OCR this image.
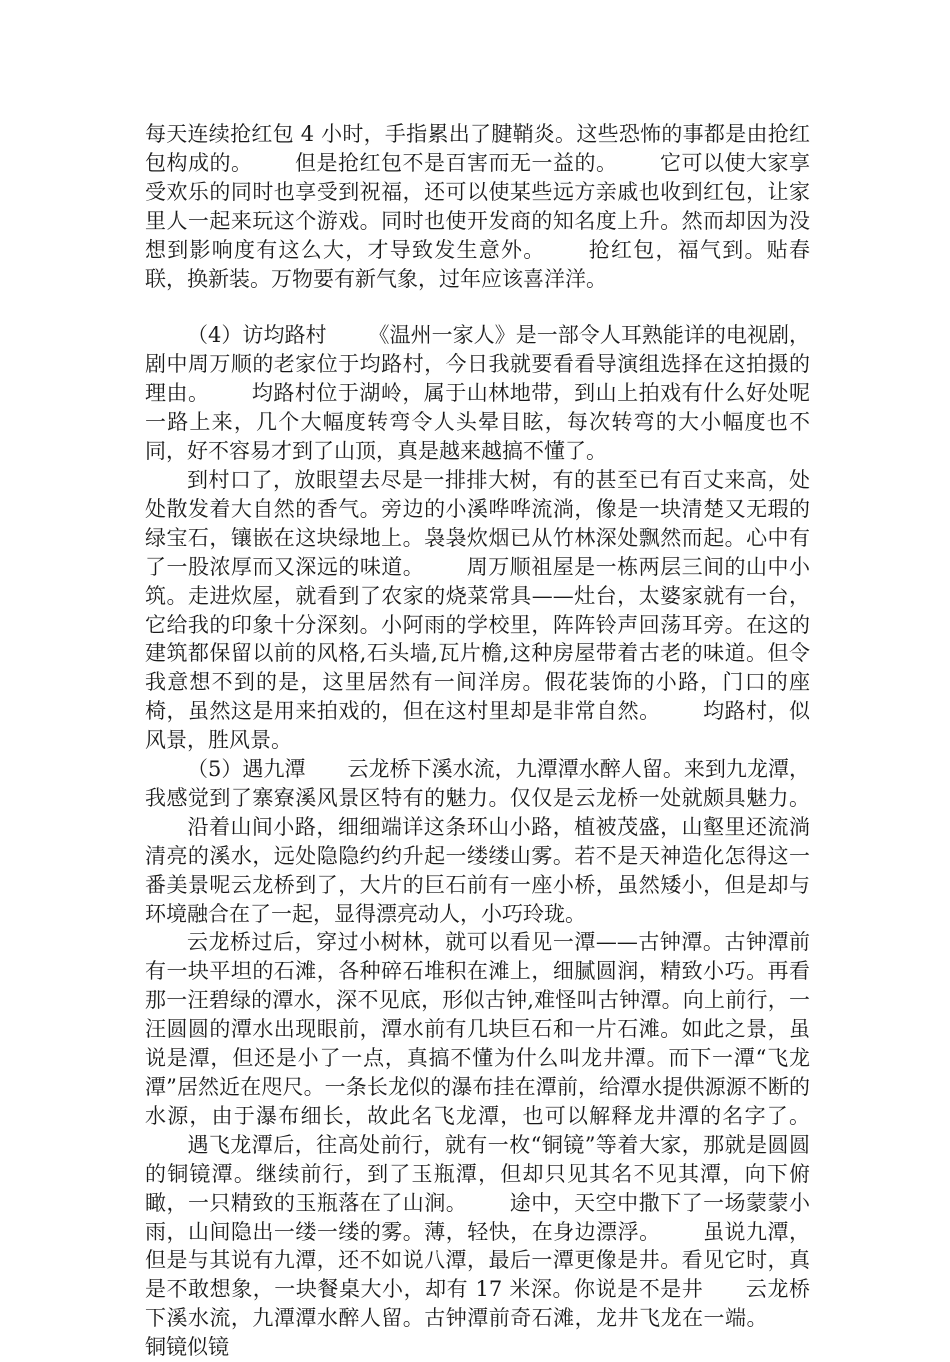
每天连续抢红包 4 小时，手指累出了腱鞘炎。这些恐怖的事都是由抢红包构成的。 但是抢红包不是百害而无一益的。 它可以使大家享受欢乐的同时也享受到祝福，还可以使某些远方亲戚也收到红包，让家里人一起来玩这个游戏。同时也使开发商的知名度上升。然而却因为没想到影响度有这么大，才导致发生意外。 抢红包，福气到。贴春联，换新装。万物要有新气象，过年应该喜洋洋。

（4）访均路村 《温州一家人》是一部令人耳熟能详的电视剧，剧中周万顺的老家位于均路村，今日我就要看看导演组选择在这拍摄的理由。 均路村位于湖岭，属于山林地带，到山上拍戏有什么好处呢一路上来，几个大幅度转弯令人头晕目眩，每次转弯的大小幅度也不同，好不容易才到了山顶，真是越来越搞不懂了。

到村口了，放眼望去尽是一排排大树，有的甚至已有百丈来高，处处散发着大自然的香气。旁边的小溪哗哗流淌，像是一块清楚又无瑕的绿宝石，镶嵌在这块绿地上。袅袅炊烟已从竹林深处飘然而起。心中有了一股浓厚而又深远的味道。 周万顺祖屋是一栋两层三间的山中小筑。走进炊屋，就看到了农家的烧菜常具——灶台，太婆家就有一台，它给我的印象十分深刻。小阿雨的学校里，阵阵铃声回荡耳旁。在这的建筑都保留以前的风格,石头墙,瓦片檐,这种房屋带着古老的味道。但令我意想不到的是，这里居然有一间洋房。假花装饰的小路，门口的座椅，虽然这是用来拍戏的，但在这村里却是非常自然。 均路村，似风景，胜风景。

（5）遇九潭 云龙桥下溪水流，九潭潭水醉人留。来到九龙潭，我感觉到了寨寮溪风景区特有的魅力。仅仅是云龙桥一处就颇具魅力。沿着山间小路，细细端详这条环山小路，植被茂盛，山壑里还流淌清亮的溪水，远处隐隐约约升起一缕缕山雾。若不是天神造化怎得这一番美景呢云龙桥到了，大片的巨石前有一座小桥，虽然矮小，但是却与环境融合在了一起，显得漂亮动人，小巧玲珑。

云龙桥过后，穿过小树林，就可以看见一潭——古钟潭。古钟潭前有一块平坦的石滩，各种碎石堆积在滩上，细腻圆润，精致小巧。再看那一汪碧绿的潭水，深不见底，形似古钟,难怪叫古钟潭。向上前行，一汪圆圆的潭水出现眼前，潭水前有几块巨石和一片石滩。如此之景，虽说是潭，但还是小了一点，真搞不懂为什么叫龙井潭。而下一潭“飞龙潭”居然近在咫尺。一条长龙似的瀑布挂在潭前，给潭水提供源源不断的水源，由于瀑布细长，故此名飞龙潭，也可以解释龙井潭的名字了。遇飞龙潭后，往高处前行，就有一枚“铜镜”等着大家，那就是圆圆的铜镜潭。继续前行，到了玉瓶潭，但却只见其名不见其潭，向下俯瞰，一只精致的玉瓶落在了山涧。 途中，天空中撒下了一场蒙蒙小雨，山间隐出一缕一缕的雾。薄，轻快，在身边漂浮。 虽说九潭，但是与其说有九潭，还不如说八潭，最后一潭更像是井。看见它时，真是不敢想象，一块餐桌大小，却有 17 米深。你说是不是井 云龙桥下溪水流，九潭潭水醉人留。古钟潭前奇石滩，龙井飞龙在一端。铜镜似镜
